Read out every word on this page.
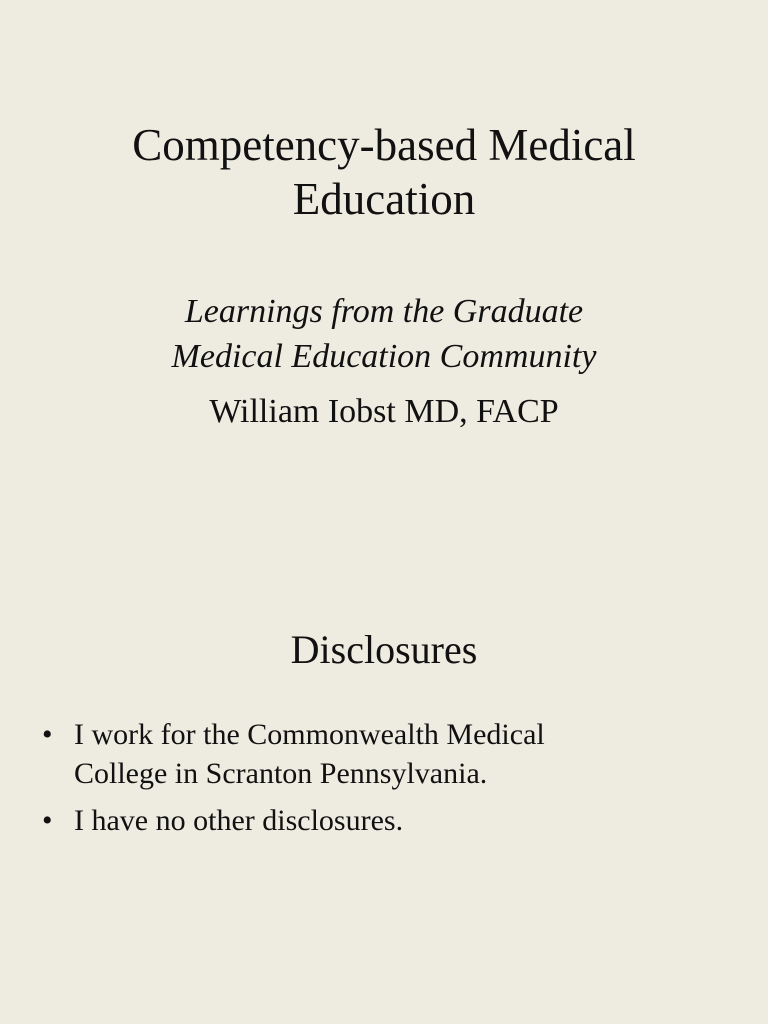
Competency-based Medical
Education

Learnings from the Graduate
Medical Education Community

William Iobst MD, FACP

Disclosures
• I work for the Commonwealth Medical
College in Scranton Pennsylvania.
• I have no other disclosures.
